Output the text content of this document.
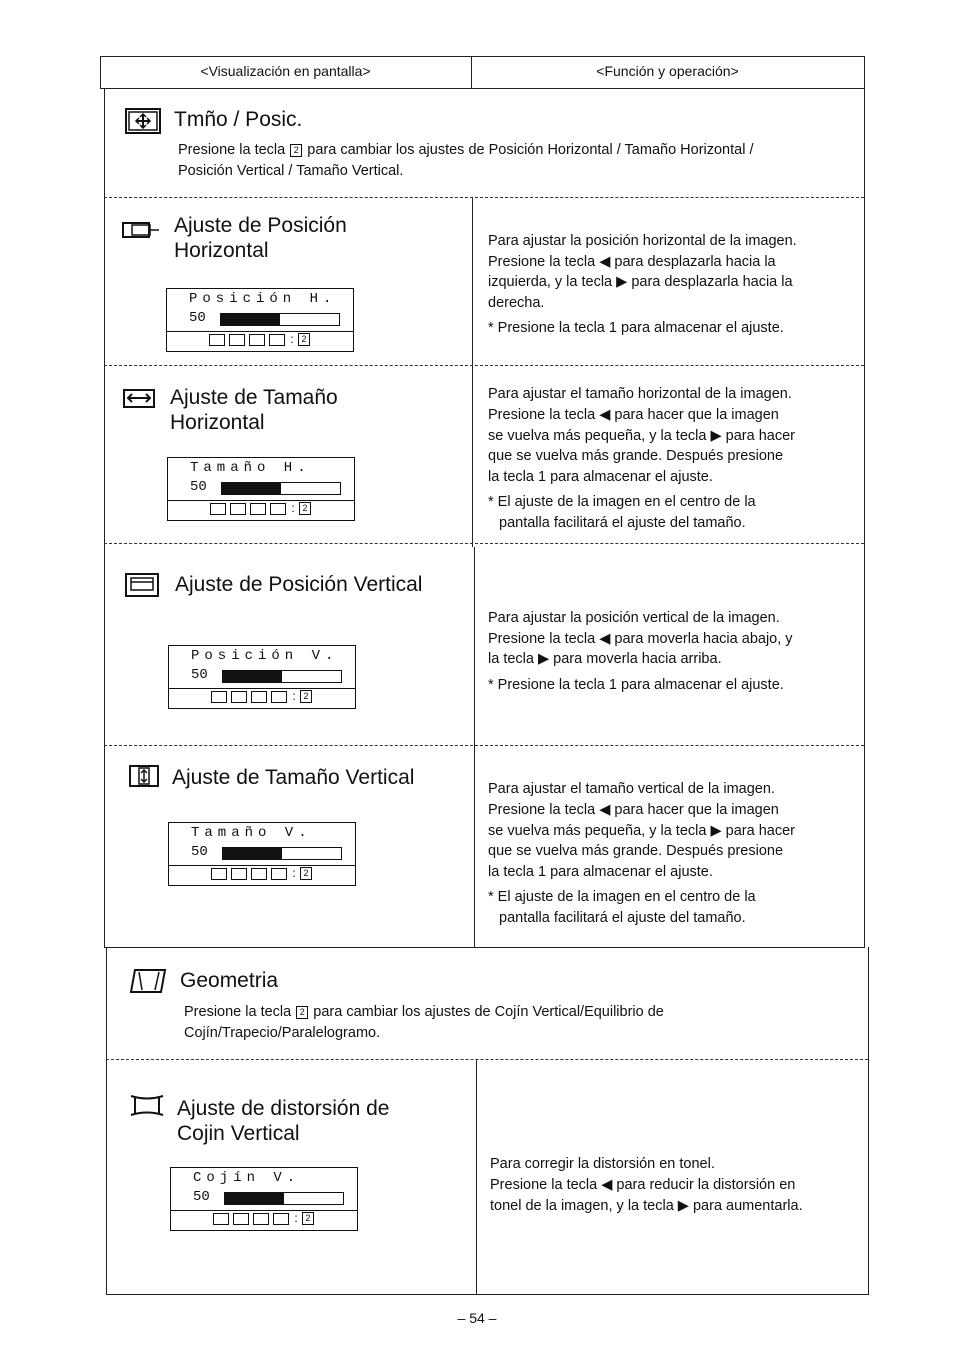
<Visualización en pantalla>	<Función y operación>
Tmño / Posic.
Presione la tecla 2 para cambiar los ajustes de Posición Horizontal / Tamaño Horizontal /
Posición Vertical / Tamaño Vertical.
Ajuste de Posición
Horizontal
Posición H.
50
: 2
Para ajustar la posición horizontal de la imagen.
Presione la tecla ◀ para desplazarla hacia la
izquierda, y la tecla ▶ para desplazarla hacia la
derecha.
* Presione la tecla 1 para almacenar el ajuste.
Ajuste de Tamaño
Horizontal
Tamaño H.
50
: 2
Para ajustar el tamaño horizontal de la imagen.
Presione la tecla ◀ para hacer que la imagen
se vuelva más pequeña, y la tecla ▶ para hacer
que se vuelva más grande. Después presione
la tecla 1 para almacenar el ajuste.
* El ajuste de la imagen en el centro de la
pantalla facilitará el ajuste del tamaño.
Ajuste de Posición Vertical
Posición V.
50
: 2
Para ajustar la posición vertical de la imagen.
Presione la tecla ◀ para moverla hacia abajo, y
la tecla ▶ para moverla hacia arriba.
* Presione la tecla 1 para almacenar el ajuste.
Ajuste de Tamaño Vertical
Tamaño V.
50
: 2
Para ajustar el tamaño vertical de la imagen.
Presione la tecla ◀ para hacer que la imagen
se vuelva más pequeña, y la tecla ▶ para hacer
que se vuelva más grande. Después presione
la tecla 1 para almacenar el ajuste.
* El ajuste de la imagen en el centro de la
pantalla facilitará el ajuste del tamaño.
Geometria
Presione la tecla 2 para cambiar los ajustes de Cojín Vertical/Equilibrio de
Cojín/Trapecio/Paralelogramo.
Ajuste de distorsión de
Cojin Vertical
Cojín V.
50
: 2
Para corregir la distorsión en tonel.
Presione la tecla ◀ para reducir la distorsión en
tonel de la imagen, y la tecla ▶ para aumentarla.
– 54 –
